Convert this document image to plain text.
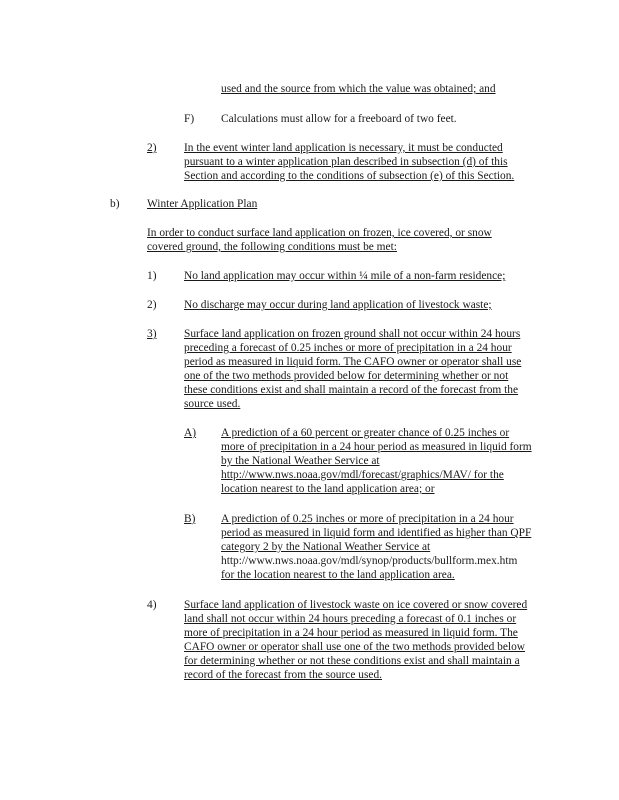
used and the source from which the value was obtained; and
F) Calculations must allow for a freeboard of two feet.
2) In the event winter land application is necessary, it must be conducted
pursuant to a winter application plan described in subsection (d) of this
Section and according to the conditions of subsection (e) of this Section.
b) Winter Application Plan
In order to conduct surface land application on frozen, ice covered, or snow
covered ground, the following conditions must be met:
1) No land application may occur within ¼ mile of a non-farm residence;
2) No discharge may occur during land application of livestock waste;
3) Surface land application on frozen ground shall not occur within 24 hours
preceding a forecast of 0.25 inches or more of precipitation in a 24 hour
period as measured in liquid form. The CAFO owner or operator shall use
one of the two methods provided below for determining whether or not
these conditions exist and shall maintain a record of the forecast from the
source used.
A) A prediction of a 60 percent or greater chance of 0.25 inches or
more of precipitation in a 24 hour period as measured in liquid form
by the National Weather Service at
http://www.nws.noaa.gov/mdl/forecast/graphics/MAV/ for the
location nearest to the land application area; or
B) A prediction of 0.25 inches or more of precipitation in a 24 hour
period as measured in liquid form and identified as higher than QPF
category 2 by the National Weather Service at
http://www.nws.noaa.gov/mdl/synop/products/bullform.mex.htm
for the location nearest to the land application area.
4) Surface land application of livestock waste on ice covered or snow covered
land shall not occur within 24 hours preceding a forecast of 0.1 inches or
more of precipitation in a 24 hour period as measured in liquid form. The
CAFO owner or operator shall use one of the two methods provided below
for determining whether or not these conditions exist and shall maintain a
record of the forecast from the source used.
